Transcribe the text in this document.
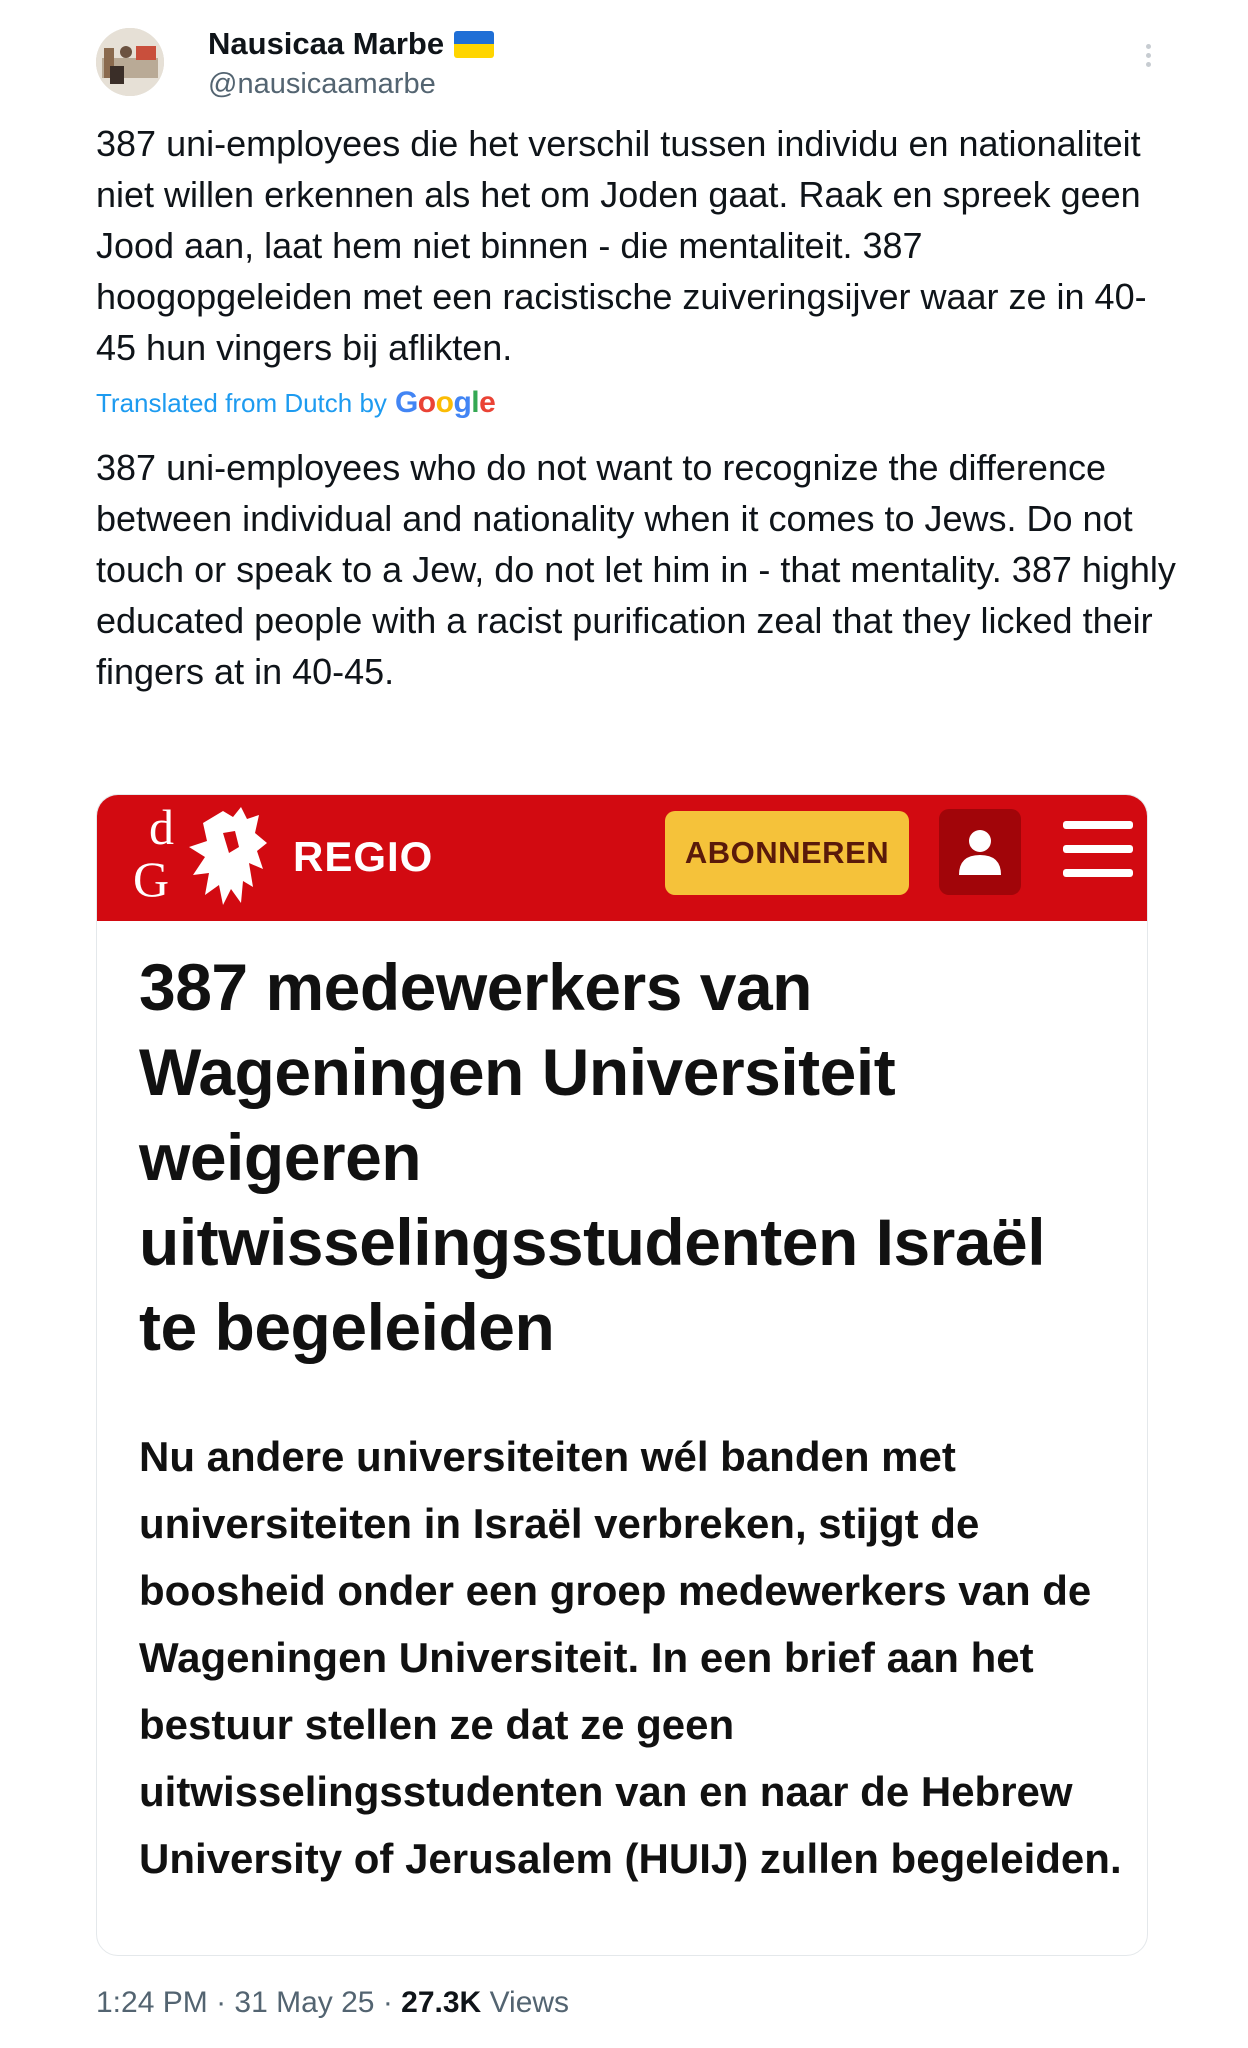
Nausicaa Marbe
@nausicaamarbe
387 uni-employees die het verschil tussen individu en nationaliteit niet willen erkennen als het om Joden gaat. Raak en spreek geen Jood aan, laat hem niet binnen - die mentaliteit. 387 hoogopgeleiden met een racistische zuiveringsijver waar ze in 40-45 hun vingers bij aflikten.
Translated from Dutch by Google
387 uni-employees who do not want to recognize the difference between individual and nationality when it comes to Jews. Do not touch or speak to a Jew, do not let him in - that mentality. 387 highly educated people with a racist purification zeal that they licked their fingers at in 40-45.
d
G	REGIO	ABONNEREN
387 medewerkers van Wageningen Universiteit weigeren uitwisselingsstudenten Israël te begeleiden
Nu andere universiteiten wél banden met universiteiten in Israël verbreken, stijgt de boosheid onder een groep medewerkers van de Wageningen Universiteit. In een brief aan het bestuur stellen ze dat ze geen uitwisselingsstudenten van en naar de Hebrew University of Jerusalem (HUIJ) zullen begeleiden.
1:24 PM · 31 May 25 · 27.3K Views
